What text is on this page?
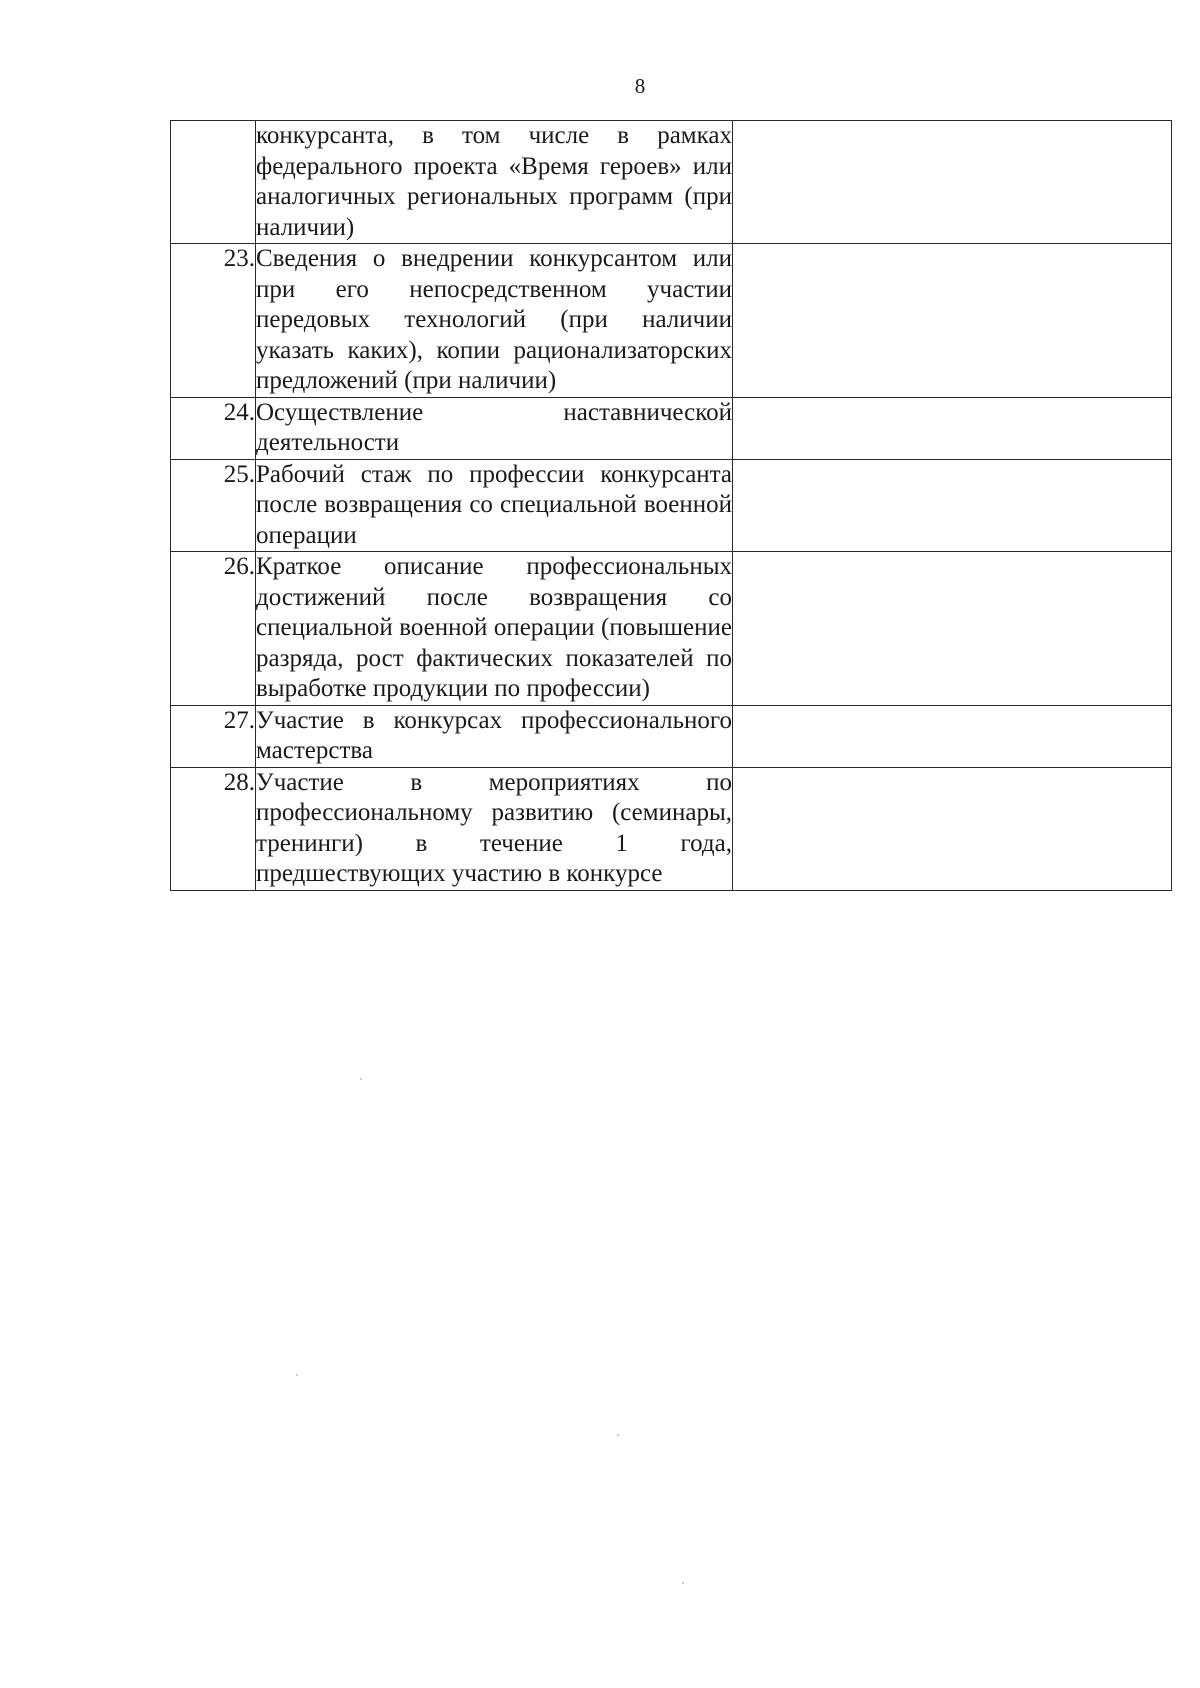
8
	конкурсанта, в том числе в рамках федерального проекта «Время героев» или аналогичных региональных программ (при наличии)	
23.	Сведения о внедрении конкурсантом или при его непосредственном участии передовых технологий (при наличии указать каких), копии рационализаторских предложений (при наличии)	
24.	Осуществление наставнической деятельности	
25.	Рабочий стаж по профессии конкурсанта после возвращения со специальной военной операции	
26.	Краткое описание профессиональных достижений после возвращения со специальной военной операции (повышение разряда, рост фактических показателей по выработке продукции по профессии)	
27.	Участие в конкурсах профессионального мастерства	
28.	Участие в мероприятиях по профессиональному развитию (семинары, тренинги) в течение 1 года, предшествующих участию в конкурсе	
